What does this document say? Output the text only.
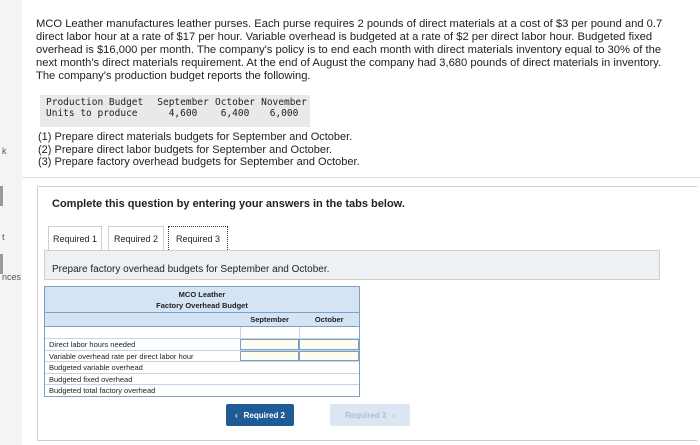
k
t
nces
MCO Leather manufactures leather purses. Each purse requires 2 pounds of direct materials at a cost of $3 per pound and 0.7 direct labor hour at a rate of $17 per hour. Variable overhead is budgeted at a rate of $2 per direct labor hour. Budgeted fixed overhead is $16,000 per month. The company's policy is to end each month with direct materials inventory equal to 30% of the next month's direct materials requirement. At the end of August the company had 3,680 pounds of direct materials in inventory. The company's production budget reports the following.
Production Budget	September October November
Units to produce	4,600	6,400	6,000
(1) Prepare direct materials budgets for September and October.
(2) Prepare direct labor budgets for September and October.
(3) Prepare factory overhead budgets for September and October.
Complete this question by entering your answers in the tabs below.
Required 1	Required 2	Required 3
Prepare factory overhead budgets for September and October.
MCO Leather
Factory Overhead Budget
September	October
Direct labor hours needed
Variable overhead rate per direct labor hour
Budgeted variable overhead
Budgeted fixed overhead
Budgeted total factory overhead
‹ Required 2	Required 3 ›
